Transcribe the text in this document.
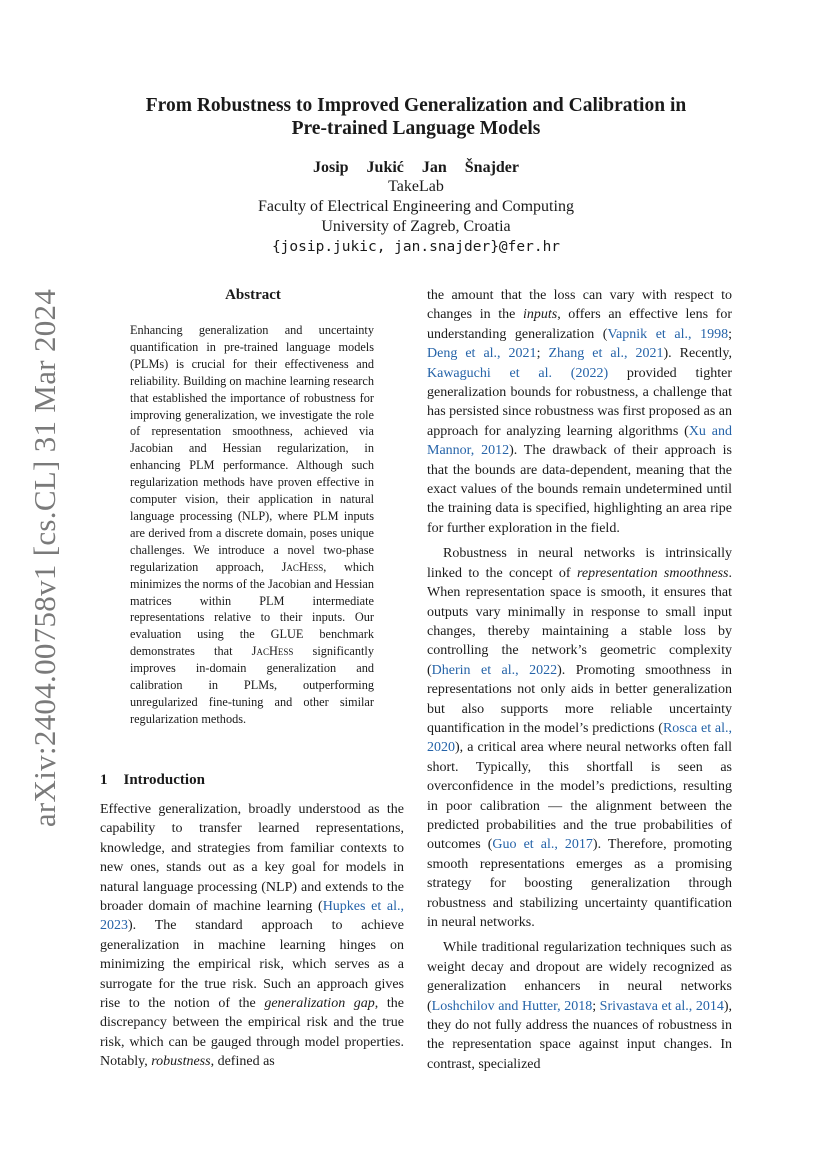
arXiv:2404.00758v1 [cs.CL] 31 Mar 2024
From Robustness to Improved Generalization and Calibration in
Pre-trained Language Models
Josip Jukić Jan Šnajder
TakeLab
Faculty of Electrical Engineering and Computing
University of Zagreb, Croatia
{josip.jukic, jan.snajder}@fer.hr
Abstract
Enhancing generalization and uncertainty quantification in pre-trained language models (PLMs) is crucial for their effectiveness and reliability. Building on machine learning research that established the importance of robustness for improving generalization, we investigate the role of representation smoothness, achieved via Jacobian and Hessian regularization, in enhancing PLM performance. Although such regularization methods have proven effective in computer vision, their application in natural language processing (NLP), where PLM inputs are derived from a discrete domain, poses unique challenges. We introduce a novel two-phase regularization approach, JacHess, which minimizes the norms of the Jacobian and Hessian matrices within PLM intermediate representations relative to their inputs. Our evaluation using the GLUE benchmark demonstrates that JacHess significantly improves in-domain generalization and calibration in PLMs, outperforming unregularized fine-tuning and other similar regularization methods.
1 Introduction

Effective generalization, broadly understood as the capability to transfer learned representations, knowledge, and strategies from familiar contexts to new ones, stands out as a key goal for models in natural language processing (NLP) and extends to the broader domain of machine learning (Hupkes et al., 2023). The standard approach to achieve generalization in machine learning hinges on minimizing the empirical risk, which serves as a surrogate for the true risk. Such an approach gives rise to the notion of the generalization gap, the discrepancy between the empirical risk and the true risk, which can be gauged through model properties. Notably, robustness, defined as

the amount that the loss can vary with respect to changes in the inputs, offers an effective lens for understanding generalization (Vapnik et al., 1998; Deng et al., 2021; Zhang et al., 2021). Recently, Kawaguchi et al. (2022) provided tighter generalization bounds for robustness, a challenge that has persisted since robustness was first proposed as an approach for analyzing learning algorithms (Xu and Mannor, 2012). The drawback of their approach is that the bounds are data-dependent, meaning that the exact values of the bounds remain undetermined until the training data is specified, highlighting an area ripe for further exploration in the field.

Robustness in neural networks is intrinsically linked to the concept of representation smoothness. When representation space is smooth, it ensures that outputs vary minimally in response to small input changes, thereby maintaining a stable loss by controlling the network’s geometric complexity (Dherin et al., 2022). Promoting smoothness in representations not only aids in better generalization but also supports more reliable uncertainty quantification in the model’s predictions (Rosca et al., 2020), a critical area where neural networks often fall short. Typically, this shortfall is seen as overconfidence in the model’s predictions, resulting in poor calibration — the alignment between the predicted probabilities and the true probabilities of outcomes (Guo et al., 2017). Therefore, promoting smooth representations emerges as a promising strategy for boosting generalization through robustness and stabilizing uncertainty quantification in neural networks.

While traditional regularization techniques such as weight decay and dropout are widely recognized as generalization enhancers in neural networks (Loshchilov and Hutter, 2018; Srivastava et al., 2014), they do not fully address the nuances of robustness in the representation space against input changes. In contrast, specialized
